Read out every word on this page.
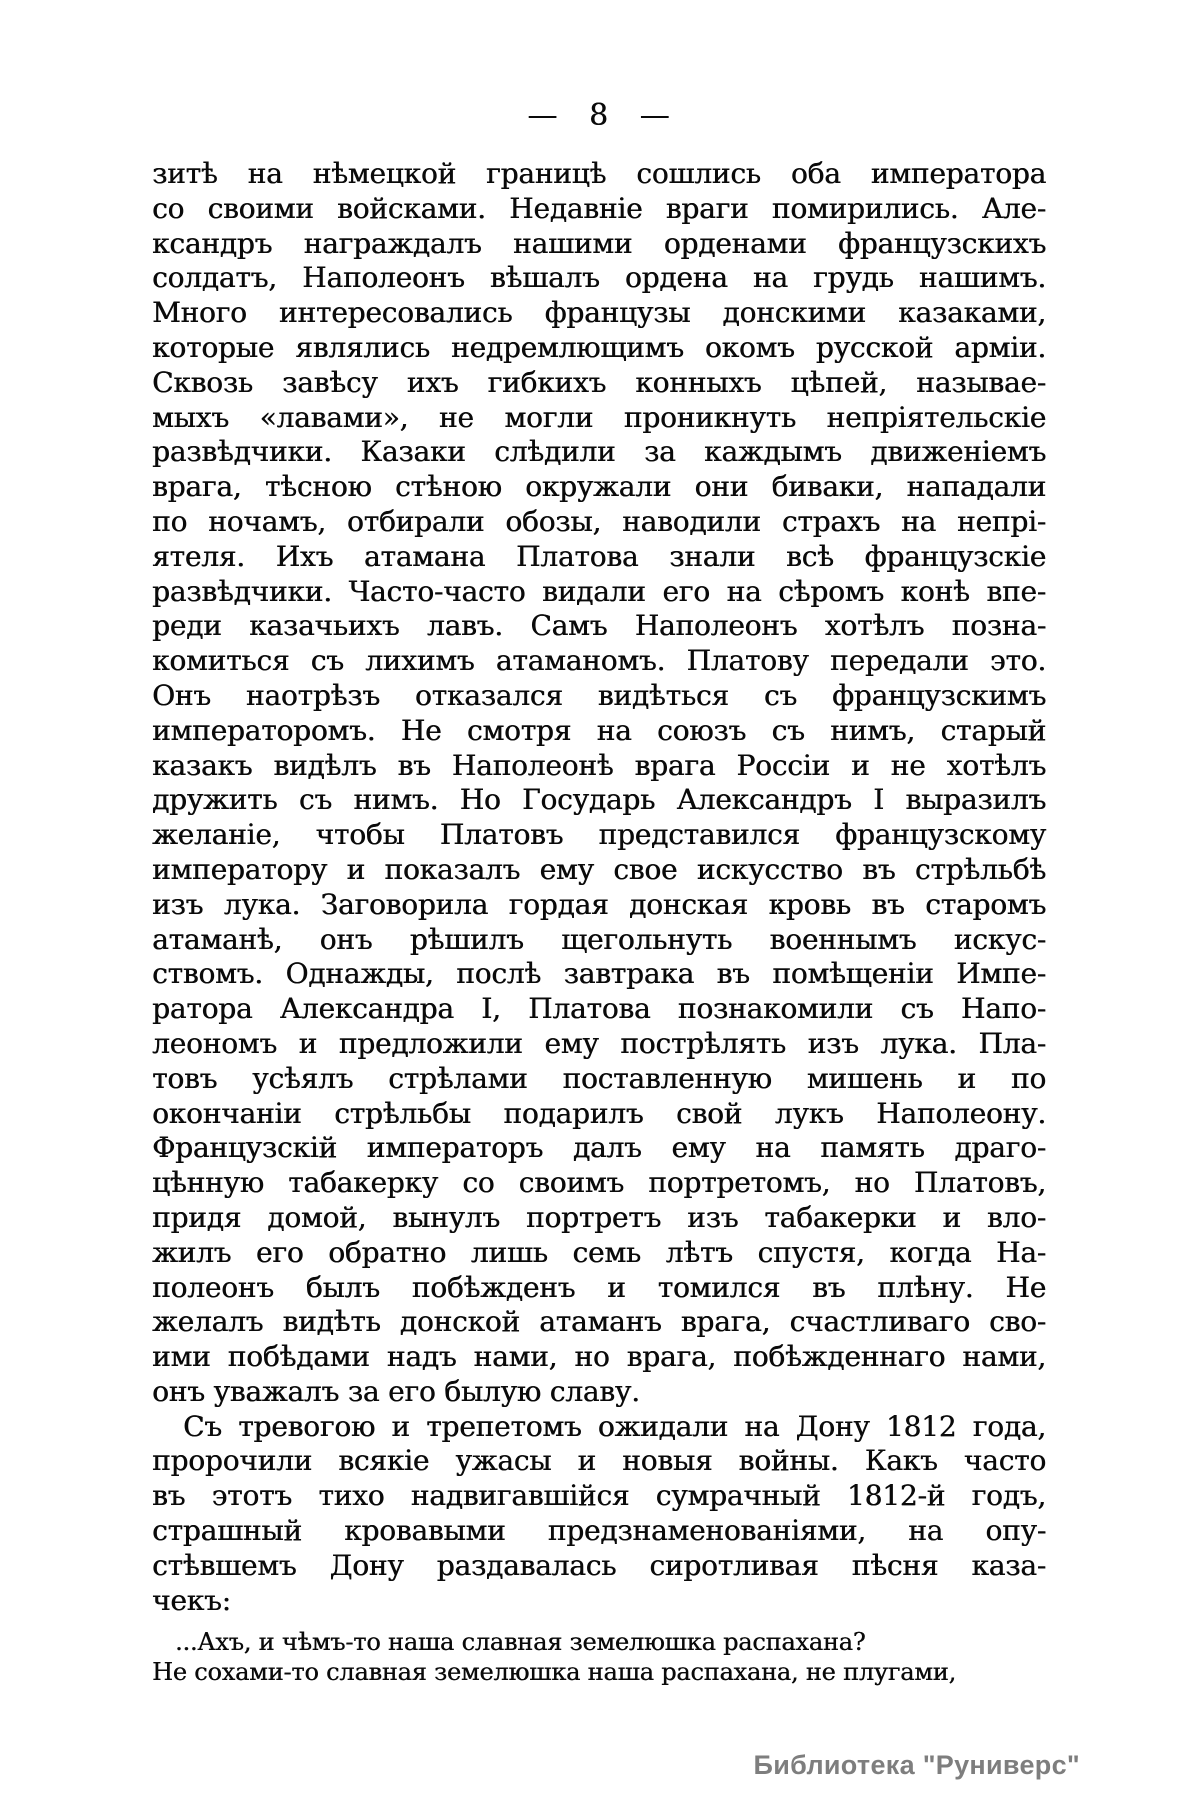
— 8 —
зитѣ на нѣмецкой границѣ сошлись оба императора
со своими войсками. Недавніе враги помирились. Але-
ксандръ награждалъ нашими орденами французскихъ
солдатъ, Наполеонъ вѣшалъ ордена на грудь нашимъ.
Много интересовались французы донскими казаками,
которые являлись недремлющимъ окомъ русской арміи.
Сквозь завѣсу ихъ гибкихъ конныхъ цѣпей, называе-
мыхъ «лавами», не могли проникнуть непріятельскіе
развѣдчики. Казаки слѣдили за каждымъ движеніемъ
врага, тѣсною стѣною окружали они биваки, нападали
по ночамъ, отбирали обозы, наводили страхъ на непрі-
ятеля. Ихъ атамана Платова знали всѣ французскіе
развѣдчики. Часто-часто видали его на сѣромъ конѣ впе-
реди казачьихъ лавъ. Самъ Наполеонъ хотѣлъ позна-
комиться съ лихимъ атаманомъ. Платову передали это.
Онъ наотрѣзъ отказался видѣться съ французскимъ
императоромъ. Не смотря на союзъ съ нимъ, старый
казакъ видѣлъ въ Наполеонѣ врага Россіи и не хотѣлъ
дружить съ нимъ. Но Государь Александръ I выразилъ
желаніе, чтобы Платовъ представился французскому
императору и показалъ ему свое искусство въ стрѣльбѣ
изъ лука. Заговорила гордая донская кровь въ старомъ
атаманѣ, онъ рѣшилъ щегольнуть военнымъ искус-
ствомъ. Однажды, послѣ завтрака въ помѣщеніи Импе-
ратора Александра I, Платова познакомили съ Напо-
леономъ и предложили ему пострѣлять изъ лука. Пла-
товъ усѣялъ стрѣлами поставленную мишень и по
окончаніи стрѣльбы подарилъ свой лукъ Наполеону.
Французскій императоръ далъ ему на память драго-
цѣнную табакерку со своимъ портретомъ, но Платовъ,
придя домой, вынулъ портретъ изъ табакерки и вло-
жилъ его обратно лишь семь лѣтъ спустя, когда На-
полеонъ былъ побѣжденъ и томился въ плѣну. Не
желалъ видѣть донской атаманъ врага, счастливаго сво-
ими побѣдами надъ нами, но врага, побѣжденнаго нами,
онъ уважалъ за его былую славу.
Съ тревогою и трепетомъ ожидали на Дону 1812 года,
пророчили всякіе ужасы и новыя войны. Какъ часто
въ этотъ тихо надвигавшійся сумрачный 1812-й годъ,
страшный кровавыми предзнаменованіями, на опу-
стѣвшемъ Дону раздавалась сиротливая пѣсня каза-
чекъ:
...Ахъ, и чѣмъ-то наша славная земелюшка распахана?
Не сохами-то славная земелюшка наша распахана, не плугами,
Библиотека "Руниверс"
